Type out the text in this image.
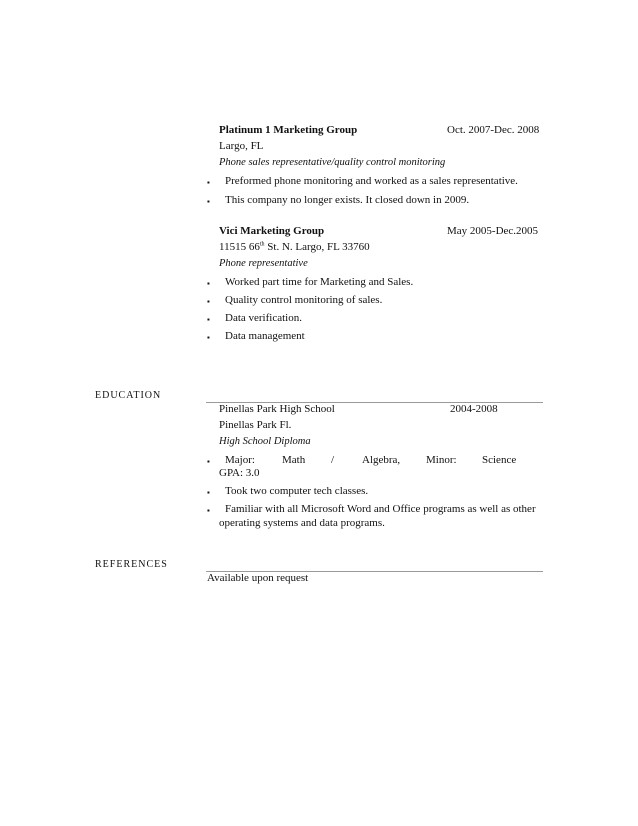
Platinum 1 Marketing Group	Oct. 2007-Dec. 2008
Largo, FL
Phone sales representative/quality control monitoring
▪ Preformed phone monitoring and worked as a sales representative.
▪ This company no longer exists. It closed down in 2009.
Vici Marketing Group	May 2005-Dec.2005
11515 66th St. N. Largo, FL 33760
Phone representative
▪ Worked part time for Marketing and Sales.
▪ Quality control monitoring of sales.
▪ Data verification.
▪ Data management
EDUCATION
Pinellas Park High School	2004-2008
Pinellas Park Fl.
High School Diploma
▪ Major: Math /	Algebra, Minor: Science
GPA: 3.0
▪ Took two computer tech classes.
▪ Familiar with all Microsoft Word and Office programs as well as other
operating systems and data programs.
REFERENCES
Available upon request
